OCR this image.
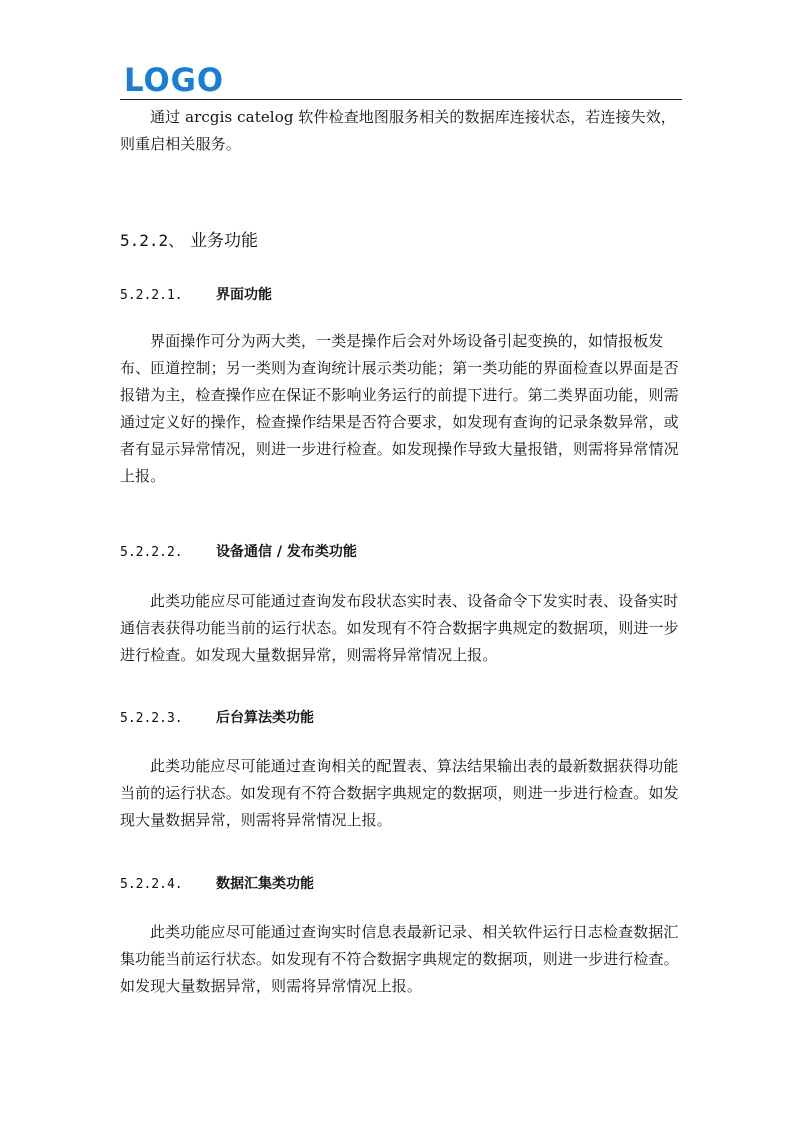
LOGO

通过 arcgis catelog 软件检查地图服务相关的数据库连接状态，若连接失效，则重启相关服务。

5.2.2、 业务功能
5.2.2.1. 界面功能

界面操作可分为两大类，一类是操作后会对外场设备引起变换的，如情报板发布、匝道控制；另一类则为查询统计展示类功能；第一类功能的界面检查以界面是否报错为主，检查操作应在保证不影响业务运行的前提下进行。第二类界面功能，则需通过定义好的操作，检查操作结果是否符合要求，如发现有查询的记录条数异常，或者有显示异常情况，则进一步进行检查。如发现操作导致大量报错，则需将异常情况上报。

5.2.2.2. 设备通信 / 发布类功能

此类功能应尽可能通过查询发布段状态实时表、设备命令下发实时表、设备实时通信表获得功能当前的运行状态。如发现有不符合数据字典规定的数据项，则进一步进行检查。如发现大量数据异常，则需将异常情况上报。

5.2.2.3. 后台算法类功能

此类功能应尽可能通过查询相关的配置表、算法结果输出表的最新数据获得功能当前的运行状态。如发现有不符合数据字典规定的数据项，则进一步进行检查。如发现大量数据异常，则需将异常情况上报。

5.2.2.4. 数据汇集类功能

此类功能应尽可能通过查询实时信息表最新记录、相关软件运行日志检查数据汇集功能当前运行状态。如发现有不符合数据字典规定的数据项，则进一步进行检查。如发现大量数据异常，则需将异常情况上报。
